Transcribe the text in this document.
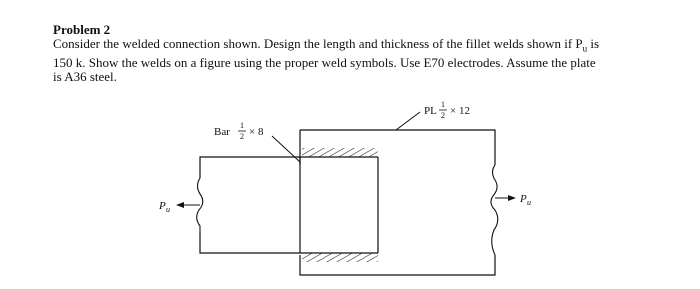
Problem 2

Consider the welded connection shown. Design the length and thickness of the fillet welds shown if $P_u$ is

150 k. Show the welds on a figure using the proper weld symbols. Use E70 electrodes. Assume the plate

is A36 steel.

Bar
1
2 × 8
PL
1
2 × 12
P u
P u
